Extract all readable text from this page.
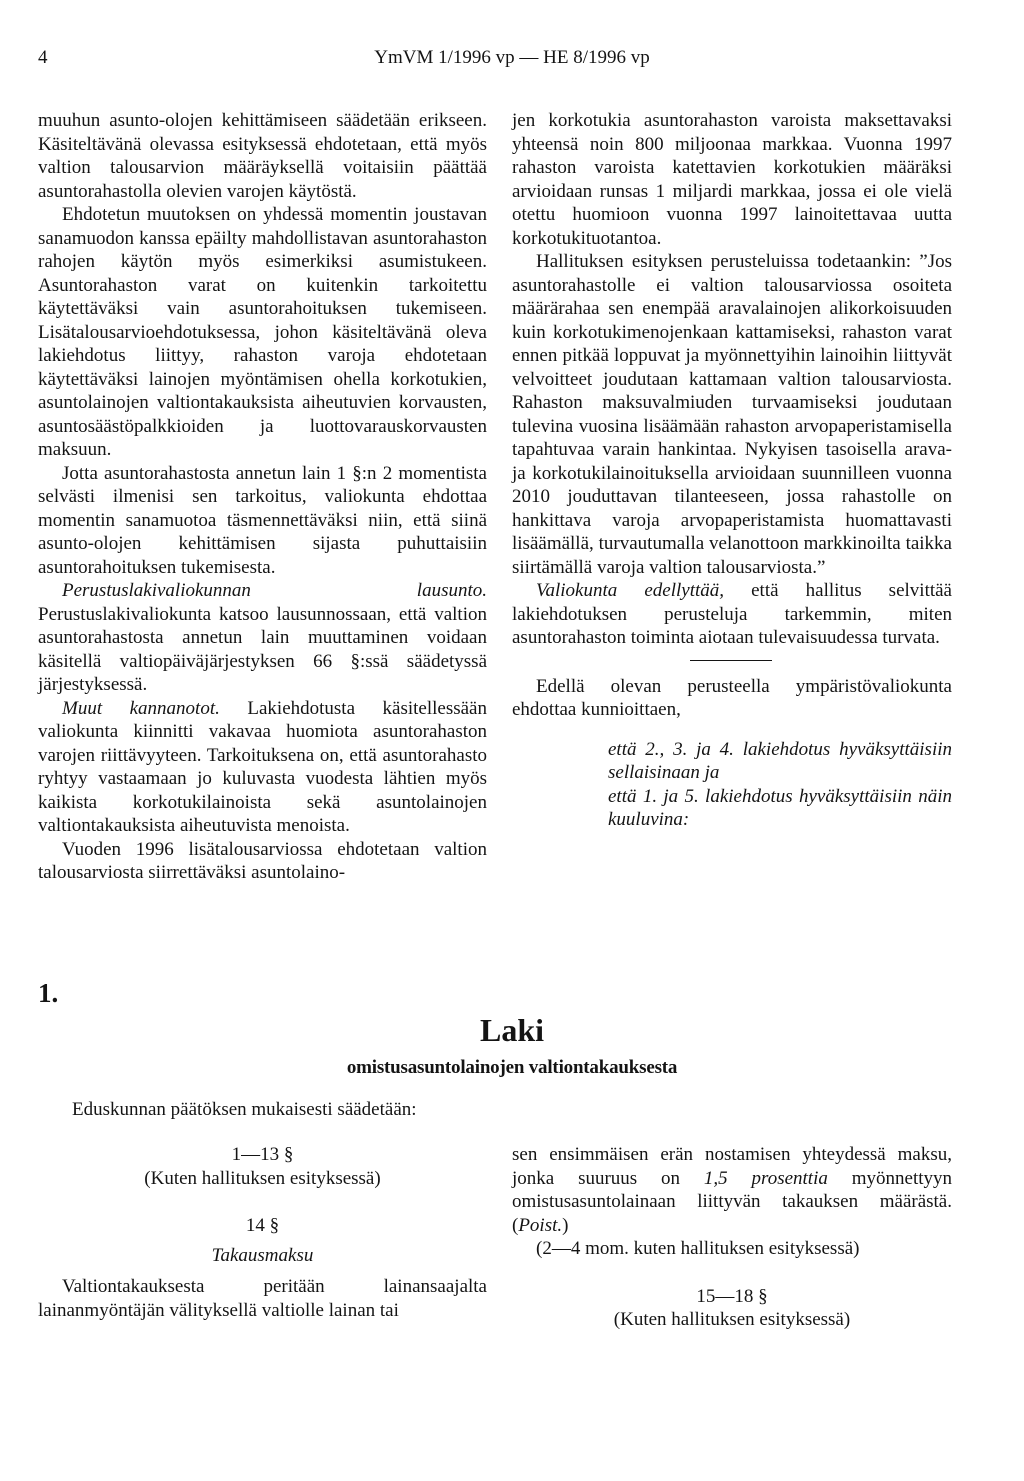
4	YmVM 1/1996 vp — HE 8/1996 vp

muuhun asunto-olojen kehittämiseen säädetään erikseen. Käsiteltävänä olevassa esityksessä ehdotetaan, että myös valtion talousarvion määräyksellä voitaisiin päättää asuntorahastolla olevien varojen käytöstä.

Ehdotetun muutoksen on yhdessä momentin joustavan sanamuodon kanssa epäilty mahdollistavan asuntorahaston rahojen käytön myös esimerkiksi asumistukeen. Asuntorahaston varat on kuitenkin tarkoitettu käytettäväksi vain asuntorahoituksen tukemiseen. Lisätalousarvioehdotuksessa, johon käsiteltävänä oleva lakiehdotus liittyy, rahaston varoja ehdotetaan käytettäväksi lainojen myöntämisen ohella korkotukien, asuntolainojen valtiontakauksista aiheutuvien korvausten, asuntosäästöpalkkioiden ja luottovarauskorvausten maksuun.

Jotta asuntorahastosta annetun lain 1 §:n 2 momentista selvästi ilmenisi sen tarkoitus, valiokunta ehdottaa momentin sanamuotoa täsmennettäväksi niin, että siinä asunto-olojen kehittämisen sijasta puhuttaisiin asuntorahoituksen tukemisesta.

Perustuslakivaliokunnan lausunto. Perustuslakivaliokunta katsoo lausunnossaan, että valtion asuntorahastosta annetun lain muuttaminen voidaan käsitellä valtiopäiväjärjestyksen 66 §:ssä säädetyssä järjestyksessä.

Muut kannanotot. Lakiehdotusta käsitellessään valiokunta kiinnitti vakavaa huomiota asuntorahaston varojen riittävyyteen. Tarkoituksena on, että asuntorahasto ryhtyy vastaamaan jo kuluvasta vuodesta lähtien myös kaikista korkotukilainoista sekä asuntolainojen valtiontakauksista aiheutuvista menoista.

Vuoden 1996 lisätalousarviossa ehdotetaan valtion talousarviosta siirrettäväksi asuntolaino-

jen korkotukia asuntorahaston varoista maksettavaksi yhteensä noin 800 miljoonaa markkaa. Vuonna 1997 rahaston varoista katettavien korkotukien määräksi arvioidaan runsas 1 miljardi markkaa, jossa ei ole vielä otettu huomioon vuonna 1997 lainoitettavaa uutta korkotukituotantoa.

Hallituksen esityksen perusteluissa todetaankin: ”Jos asuntorahastolle ei valtion talousarviossa osoiteta määrärahaa sen enempää aravalainojen alikorkoisuuden kuin korkotukimenojenkaan kattamiseksi, rahaston varat ennen pitkää loppuvat ja myönnettyihin lainoihin liittyvät velvoitteet joudutaan kattamaan valtion talousarviosta. Rahaston maksuvalmiuden turvaamiseksi joudutaan tulevina vuosina lisäämään rahaston arvopaperistamisella tapahtuvaa varain hankintaa. Nykyisen tasoisella arava- ja korkotukilainoituksella arvioidaan suunnilleen vuonna 2010 jouduttavan tilanteeseen, jossa rahastolle on hankittava varoja arvopaperistamista huomattavasti lisäämällä, turvautumalla velanottoon markkinoilta taikka siirtämällä varoja valtion talousarviosta.”

Valiokunta edellyttää, että hallitus selvittää lakiehdotuksen perusteluja tarkemmin, miten asuntorahaston toiminta aiotaan tulevaisuudessa turvata.

Edellä olevan perusteella ympäristövaliokunta ehdottaa kunnioittaen,

että 2., 3. ja 4. lakiehdotus hyväksyttäisiin sellaisinaan ja

että 1. ja 5. lakiehdotus hyväksyttäisiin näin kuuluvina:

1.
Laki
omistusasuntolainojen valtiontakauksesta
Eduskunnan päätöksen mukaisesti säädetään:

1—13 §

(Kuten hallituksen esityksessä)

14 §

Takausmaksu

Valtiontakauksesta peritään lainansaajalta lainanmyöntäjän välityksellä valtiolle lainan tai

sen ensimmäisen erän nostamisen yhteydessä maksu, jonka suuruus on 1,5 prosenttia myönnettyyn omistusasuntolainaan liittyvän takauksen määrästä. (Poist.)

(2—4 mom. kuten hallituksen esityksessä)

15—18 §

(Kuten hallituksen esityksessä)
